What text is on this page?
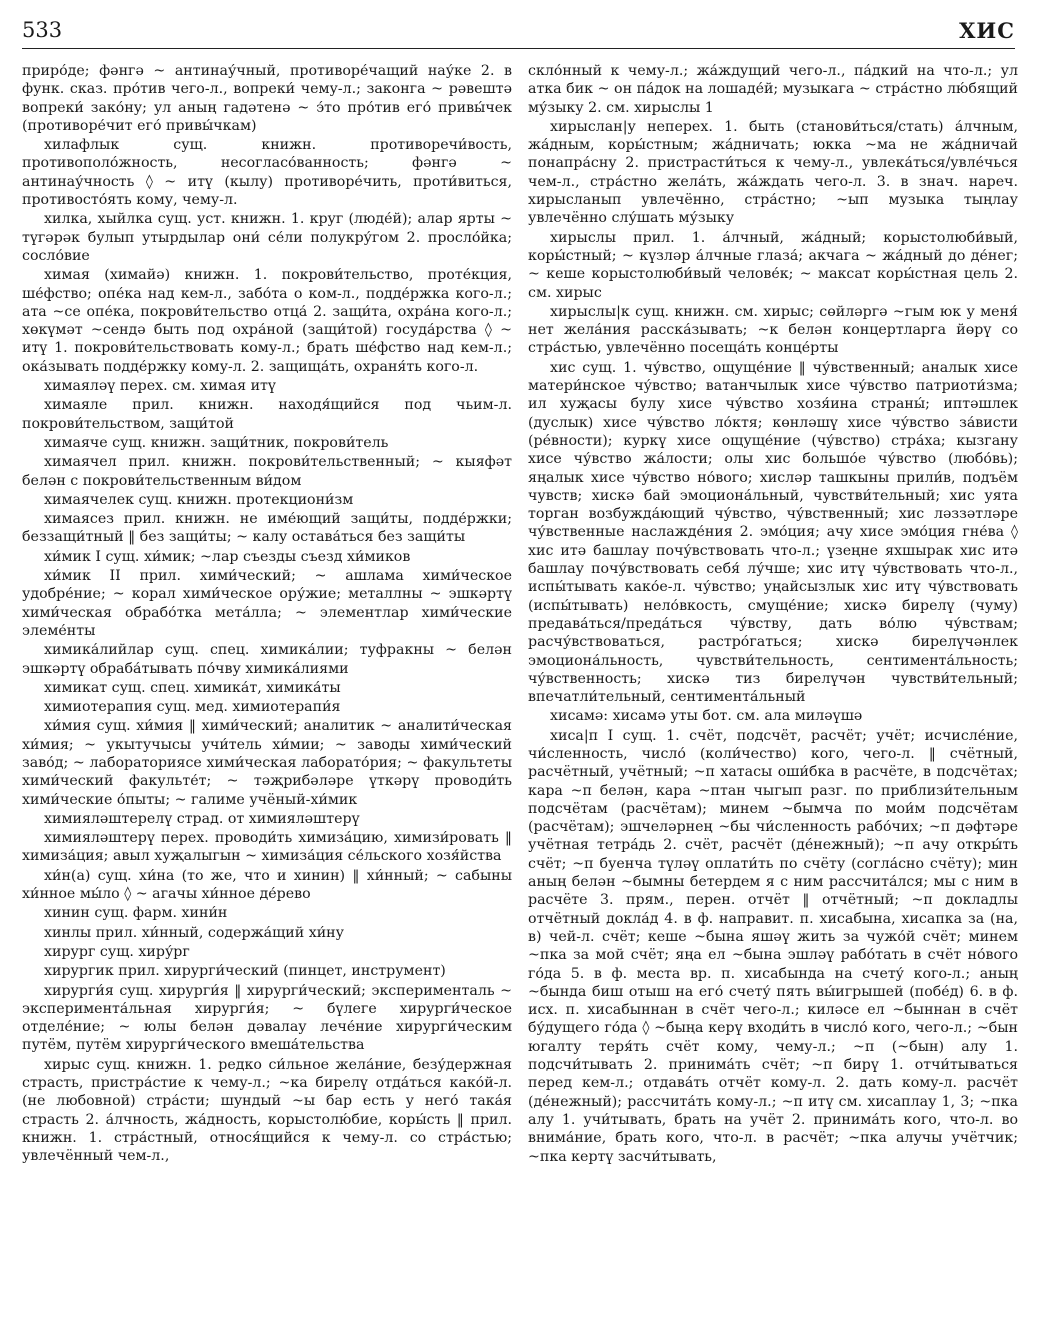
533	ХИС

приро́де; фәнгә ~ антинау́чный, противоре́чащий нау́ке 2. в функ. сказ. про́тив чего-л., вопреки́ чему-л.; законга ~ рәвештә вопреки́ зако́ну; ул аның гадәтенә ~ э́то про́тив его́ привы́чек (противоре́чит его́ привы́чкам)

хилафлык сущ. книжн. противоречи́вость, противополо́жность, несогласо́ванность; фәнгә ~ антинау́чность ◊ ~ итү (кылу) противоре́чить, проти́виться, противосто́ять кому, чему-л.

хилка, хыйлка сущ. уст. книжн. 1. круг (люде́й); алар ярты ~ түгәрәк булып утырдылар они́ се́ли полукру́гом 2. просло́йка; сосло́вие

химая (химайә) книжн. 1. покрови́тельство, проте́кция, ше́фство; опе́ка над кем-л., забо́та о ком-л., подде́ржка кого-л.; ата ~се опе́ка, покрови́тельство отца́ 2. защи́та, охра́на кого-л.; хөкүмәт ~сендә быть под охра́ной (защи́той) госуда́рства ◊ ~ итү 1. покрови́тельствовать кому-л.; брать ше́фство над кем-л.; ока́зывать подде́ржку кому-л. 2. защища́ть, охраня́ть кого-л.

химаяләү перех. см. химая итү

химаяле прил. книжн. находя́щийся под чьим-л. покрови́тельством, защи́той

химаяче сущ. книжн. защи́тник, покрови́тель

химаячел прил. книжн. покрови́тельственный; ~ кыяфәт белән с покрови́тельственным ви́дом

химаячелек сущ. книжн. протекциони́зм

химаясез прил. книжн. не име́ющий защи́ты, подде́ржки; беззащи́тный ‖ без защи́ты; ~ калу остава́ться без защи́ты

хи́мик I сущ. хи́мик; ~лар съезды съезд хи́миков

хи́мик II прил. хими́ческий; ~ ашлама хими́ческое удобре́ние; ~ корал хими́ческое ору́жие; металлны ~ эшкәртү хими́ческая обрабо́тка мета́лла; ~ элементлар хими́ческие элеме́нты

химика́лийлар сущ. спец. химика́лии; туфракны ~ белән эшкәртү обраба́тывать по́чву химика́лиями

химикат сущ. спец. химика́т, химика́ты

химиотерапия сущ. мед. химиотерапи́я

хи́мия сущ. хи́мия ‖ хими́ческий; аналитик ~ аналити́ческая хи́мия; ~ укытучысы учи́тель хи́мии; ~ заводы хими́ческий заво́д; ~ лабораториясе хими́ческая лаборато́рия; ~ факультеты хими́ческий факульте́т; ~ тәҗрибәләре үткәрү проводи́ть хими́ческие о́пыты; ~ галиме учёный-хи́мик

химияләштерелү страд. от химияләштерү

химияләштерү перех. проводи́ть химиза́цию, химизи́ровать ‖ химиза́ция; авыл хуҗалыгын ~ химиза́ция се́льского хозя́йства

хи́н(а) сущ. хи́на (то же, что и хинин) ‖ хи́нный; ~ сабыны хи́нное мы́ло ◊ ~ агачы хи́нное де́рево

хинин сущ. фарм. хини́н

хинлы прил. хи́нный, содержа́щий хи́ну

хирург сущ. хиру́рг

хирургик прил. хирурги́ческий (пинцет, инструмент)

хирурги́я сущ. хирурги́я ‖ хирурги́ческий; эксперименталь ~ эксперимента́льная хирурги́я; ~ бүлеге хирурги́ческое отделе́ние; ~ юлы белән дәвалау лече́ние хирурги́ческим путём, путём хирурги́ческого вмеша́тельства

хирыс сущ. книжн. 1. редко си́льное жела́ние, безу́держная страсть, пристра́стие к чему-л.; ~ка бирелү отда́ться како́й-л. (не любовной) стра́сти; шундый ~ы бар есть у него́ така́я страсть 2. а́лчность, жа́дность, корыстолю́бие, коры́сть ‖ прил. книжн. 1. стра́стный, относя́щийся к чему-л. со стра́стью; увлечённый чем-л.,

скло́нный к чему-л.; жа́ждущий чего-л., па́дкий на что-л.; ул атка бик ~ он па́док на лошаде́й; музыкага ~ стра́стно лю́бящий му́зыку 2. см. хирыслы 1

хирыслан|у неперех. 1. быть (станови́ться/стать) а́лчным, жа́дным, коры́стным; жа́дничать; юкка ~ма не жа́дничай понапра́сну 2. пристрасти́ться к чему-л., увлека́ться/увле́чься чем-л., стра́стно жела́ть, жа́ждать чего-л. 3. в знач. нареч. хирысланып увлечённо, стра́стно; ~ып музыка тыңлау увлечённо слу́шать му́зыку

хирыслы прил. 1. а́лчный, жа́дный; корыстолюби́вый, коры́стный; ~ күзләр а́лчные глаза́; акчага ~ жа́дный до де́нег; ~ кеше корыстолюби́вый челове́к; ~ максат коры́стная цель 2. см. хирыс

хирыслы|к сущ. книжн. см. хирыс; сөйләргә ~гым юк у меня́ нет жела́ния расска́зывать; ~к белән концертларга йөрү со стра́стью, увлечённо посеща́ть конце́рты

хис сущ. 1. чу́вство, ощуще́ние ‖ чу́вственный; аналык хисе матери́нское чу́вство; ватанчылык хисе чу́вство патриоти́зма; ил хуҗасы булу хисе чу́вство хозя́ина страны́; иптәшлек (дуслык) хисе чу́вство ло́ктя; көнләшү хисе чу́вство за́висти (ре́вности); куркү хисе ощуще́ние (чу́вство) стра́ха; кызгану хисе чу́вство жа́лости; олы хис большо́е чу́вство (любо́вь); яңалык хисе чу́вство но́вого; хисләр ташкыны прили́в, подъём чувств; хискә бай эмоциона́льный, чувстви́тельный; хис уята торган возбужда́ющий чу́вство, чу́вственный; хис ләззәтләре чу́вственные наслажде́ния 2. эмо́ция; ачу хисе эмо́ция гне́ва ◊ хис итә башлау почу́вствовать что-л.; үзеңне яхшырак хис итә башлау почу́вствовать себя́ лу́чше; хис итү чу́вствовать что-л., испы́тывать како́е-л. чу́вство; уңайсызлык хис итү чу́вствовать (испы́тывать) нело́вкость, смуще́ние; хискә бирелү (чуму) предава́ться/преда́ться чу́вству, дать во́лю чу́вствам; расчу́вствоваться, растро́гаться; хискә бирелүчәнлек эмоциона́льность, чувстви́тельность, сентимента́льность; чу́вственность; хискә тиз бирелүчән чувстви́тельный; впечатли́тельный, сентимента́льный

хисамә: хисамә уты бот. см. ала миләүшә

хиса|п I сущ. 1. счёт, подсчёт, расчёт; учёт; исчисле́ние, чи́сленность, число́ (коли́чество) кого, чего-л. ‖ счётный, расчётный, учётный; ~п хатасы оши́бка в расчёте, в подсчётах; кара ~п белән, кара ~птан чыгып разг. по приблизи́тельным подсчётам (расчётам); минем ~бымча по мои́м подсчётам (расчётам); эшчеләрнең ~бы чи́сленность рабо́чих; ~п дәфтәре учётная тетра́дь 2. счёт, расчёт (де́нежный); ~п ачу откры́ть счёт; ~п буенча түләү оплати́ть по счёту (согла́сно счёту); мин аның белән ~бымны бетердем я с ним рассчита́лся; мы с ним в расчёте 3. прям., перен. отчёт ‖ отчётный; ~п докладлы отчётный докла́д 4. в ф. направит. п. хисабына, хисапка за (на, в) чей-л. счёт; кеше ~бына яшәү жить за чужо́й счёт; минем ~пка за мой счёт; яңа ел ~бына эшләү рабо́тать в счёт но́вого го́да 5. в ф. места вр. п. хисабында на счету́ кого-л.; аның ~бында биш отыш на его́ счету́ пять вы́игрышей (побе́д) 6. в ф. исх. п. хисабыннан в счёт чего-л.; киләсе ел ~быннан в счёт бу́дущего го́да ◊ ~быңа керү входи́ть в число́ кого, чего-л.; ~бын югалту теря́ть счёт кому, чему-л.; ~п (~бын) алу 1. подсчи́тывать 2. принима́ть счёт; ~п бирү 1. отчи́тываться перед кем-л.; отдава́ть отчёт кому-л. 2. дать кому-л. расчёт (де́нежный); рассчита́ть кому-л.; ~п итү см. хисаплау 1, 3; ~пка алу 1. учи́тывать, брать на учёт 2. принима́ть кого, что-л. во внима́ние, брать кого, что-л. в расчёт; ~пка алучы учётчик; ~пка кертү засчи́тывать,
